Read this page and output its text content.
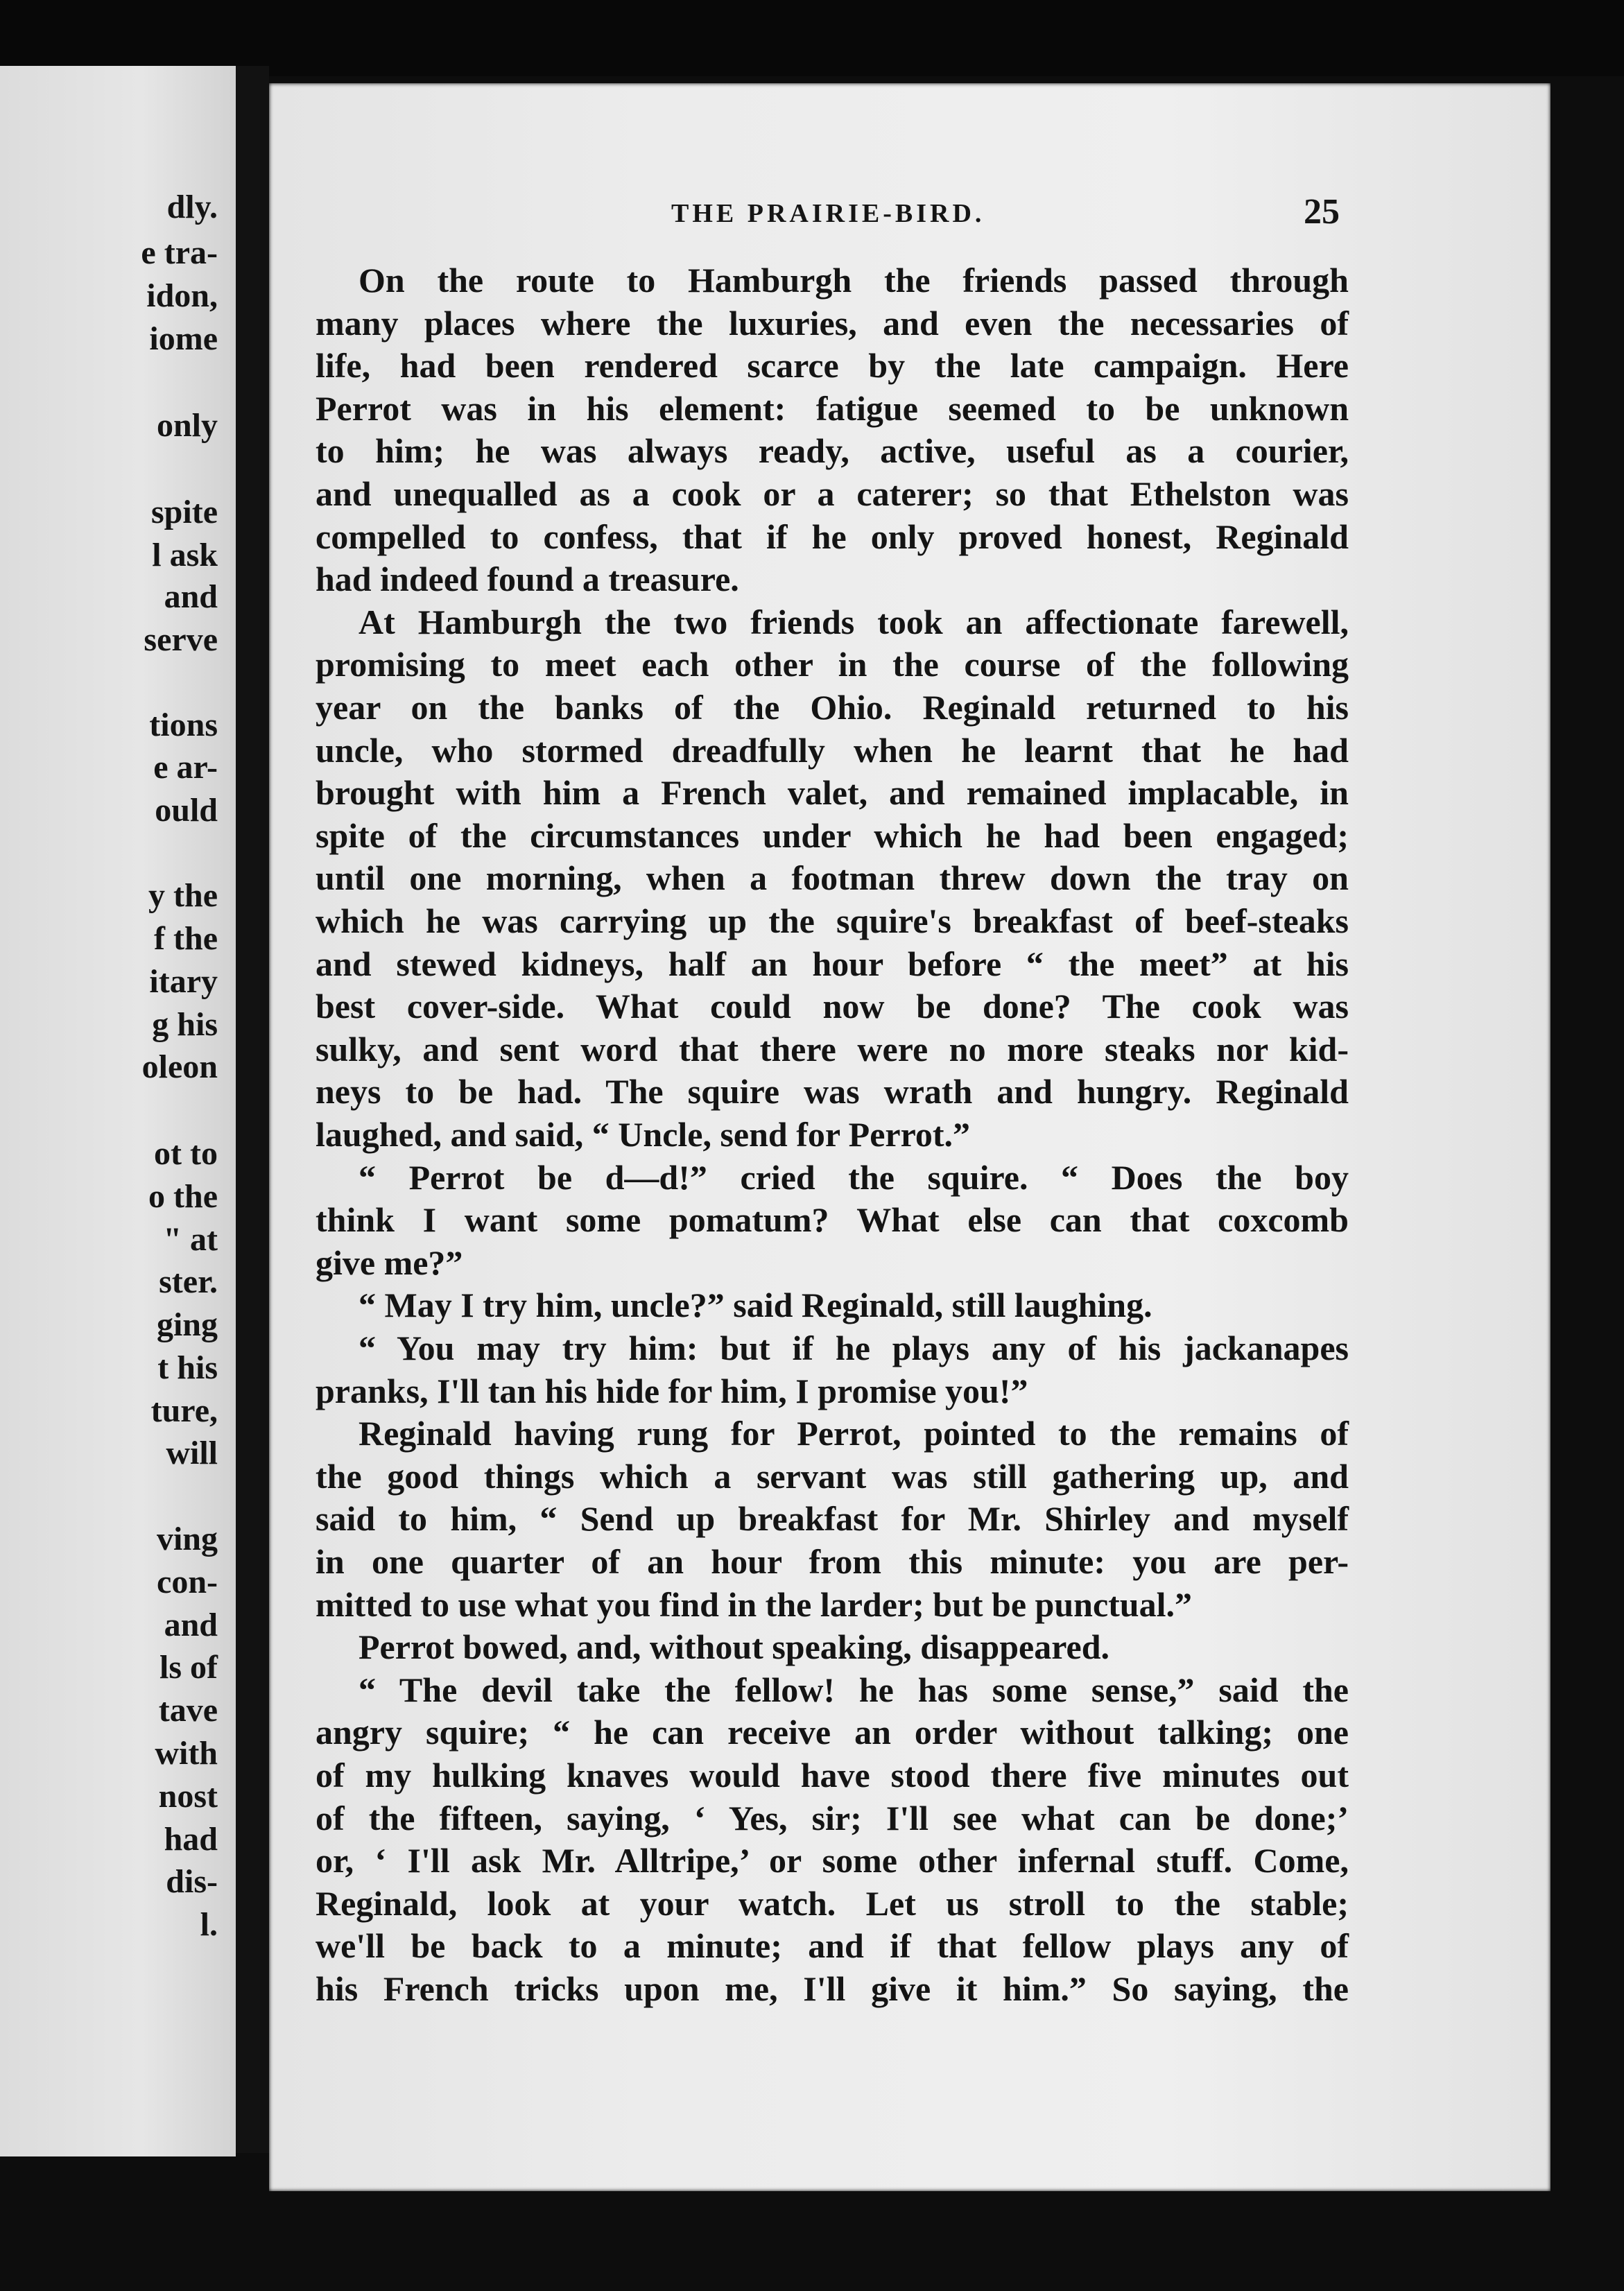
dly.
e tra-
idon,
iome
only
spite
l ask
and
serve
tions
e ar-
ould
y the
f the
itary
g his
oleon
ot to
o the
" at
ster.
ging
t his
ture,
will
ving
con-
and
ls of
tave
with
nost
had
dis-
l.
THE PRAIRIE-BIRD.	25
On the route to Hamburgh the friends passed through
many places where the luxuries, and even the necessaries of
life, had been rendered scarce by the late campaign. Here
Perrot was in his element: fatigue seemed to be unknown
to him; he was always ready, active, useful as a courier,
and unequalled as a cook or a caterer; so that Ethelston was
compelled to confess, that if he only proved honest, Reginald
had indeed found a treasure.
At Hamburgh the two friends took an affectionate farewell,
promising to meet each other in the course of the following
year on the banks of the Ohio. Reginald returned to his
uncle, who stormed dreadfully when he learnt that he had
brought with him a French valet, and remained implacable, in
spite of the circumstances under which he had been engaged;
until one morning, when a footman threw down the tray on
which he was carrying up the squire's breakfast of beef-steaks
and stewed kidneys, half an hour before “ the meet” at his
best cover-side. What could now be done? The cook was
sulky, and sent word that there were no more steaks nor kid-
neys to be had. The squire was wrath and hungry. Reginald
laughed, and said, “ Uncle, send for Perrot.”
“ Perrot be d—d!” cried the squire. “ Does the boy
think I want some pomatum? What else can that coxcomb
give me?”
“ May I try him, uncle?” said Reginald, still laughing.
“ You may try him: but if he plays any of his jackanapes
pranks, I'll tan his hide for him, I promise you!”
Reginald having rung for Perrot, pointed to the remains of
the good things which a servant was still gathering up, and
said to him, “ Send up breakfast for Mr. Shirley and myself
in one quarter of an hour from this minute: you are per-
mitted to use what you find in the larder; but be punctual.”
Perrot bowed, and, without speaking, disappeared.
“ The devil take the fellow! he has some sense,” said the
angry squire; “ he can receive an order without talking; one
of my hulking knaves would have stood there five minutes out
of the fifteen, saying, ‘ Yes, sir; I'll see what can be done;’
or, ‘ I'll ask Mr. Alltripe,’ or some other infernal stuff. Come,
Reginald, look at your watch. Let us stroll to the stable;
we'll be back to a minute; and if that fellow plays any of
his French tricks upon me, I'll give it him.” So saying, the
